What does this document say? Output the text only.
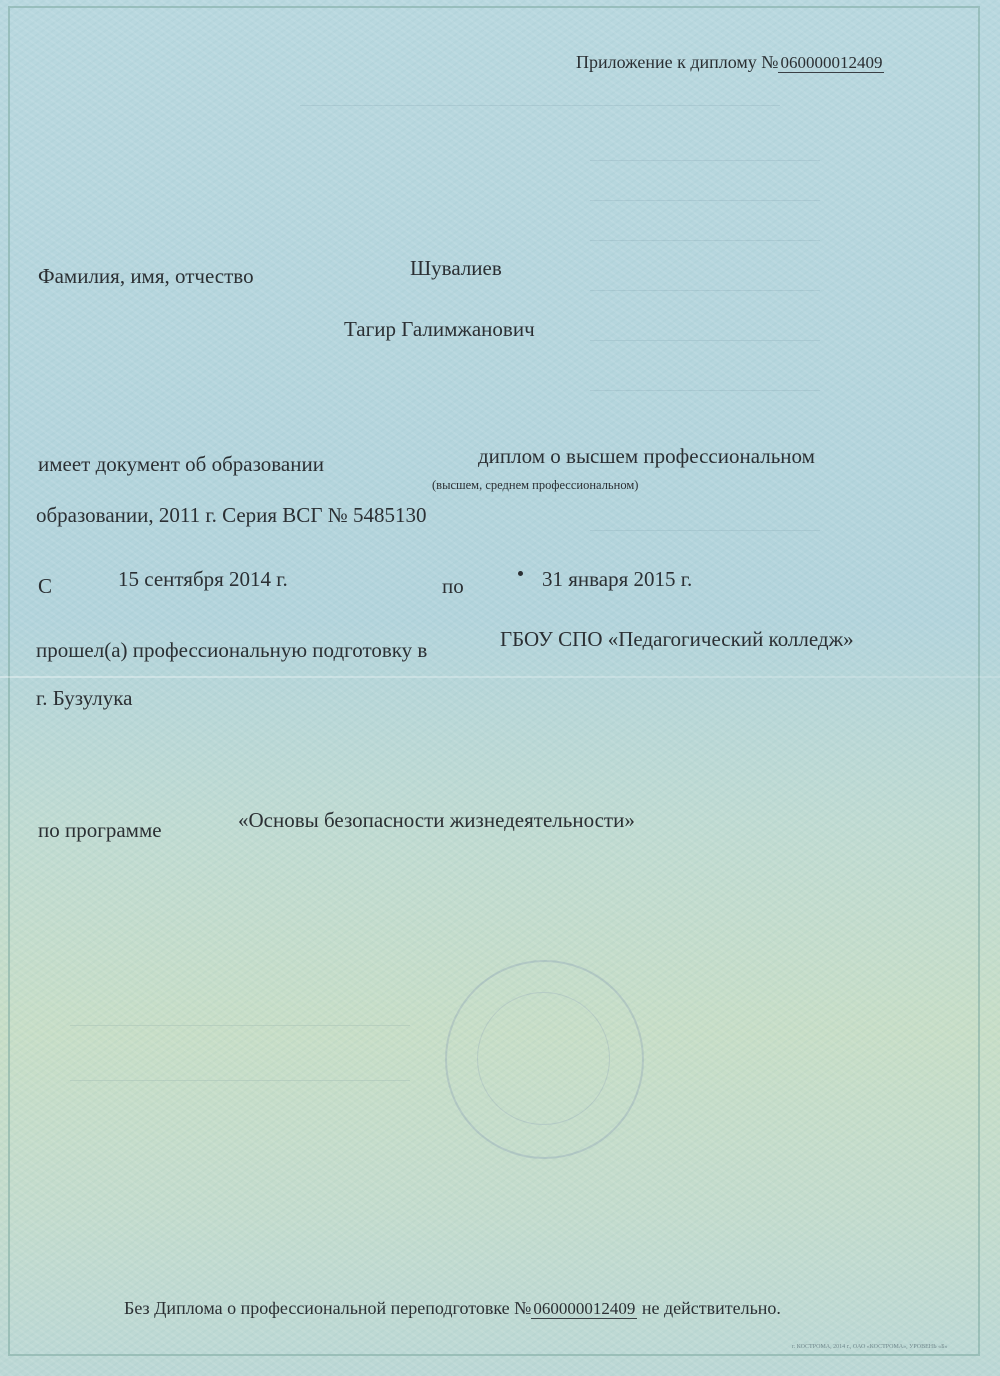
Приложение к диплому № 060000012409
Фамилия, имя, отчество	Шувалиев
Тагир Галимжанович
имеет документ об образовании	диплом о высшем профессиональном
(высшем, среднем профессиональном)
образовании, 2011 г. Серия ВСГ № 5485130
С	15 сентября 2014 г.	по	31 января 2015 г.
прошел(а) профессиональную подготовку в	ГБОУ СПО «Педагогический колледж»
г. Бузулука
по программе	«Основы безопасности жизнедеятельности»
Без Диплома о профессиональной переподготовке № 060000012409 не действительно.
г. КОСТРОМА, 2014 г., ОАО «КОСТРОМА», УРОВЕНЬ «Б»
